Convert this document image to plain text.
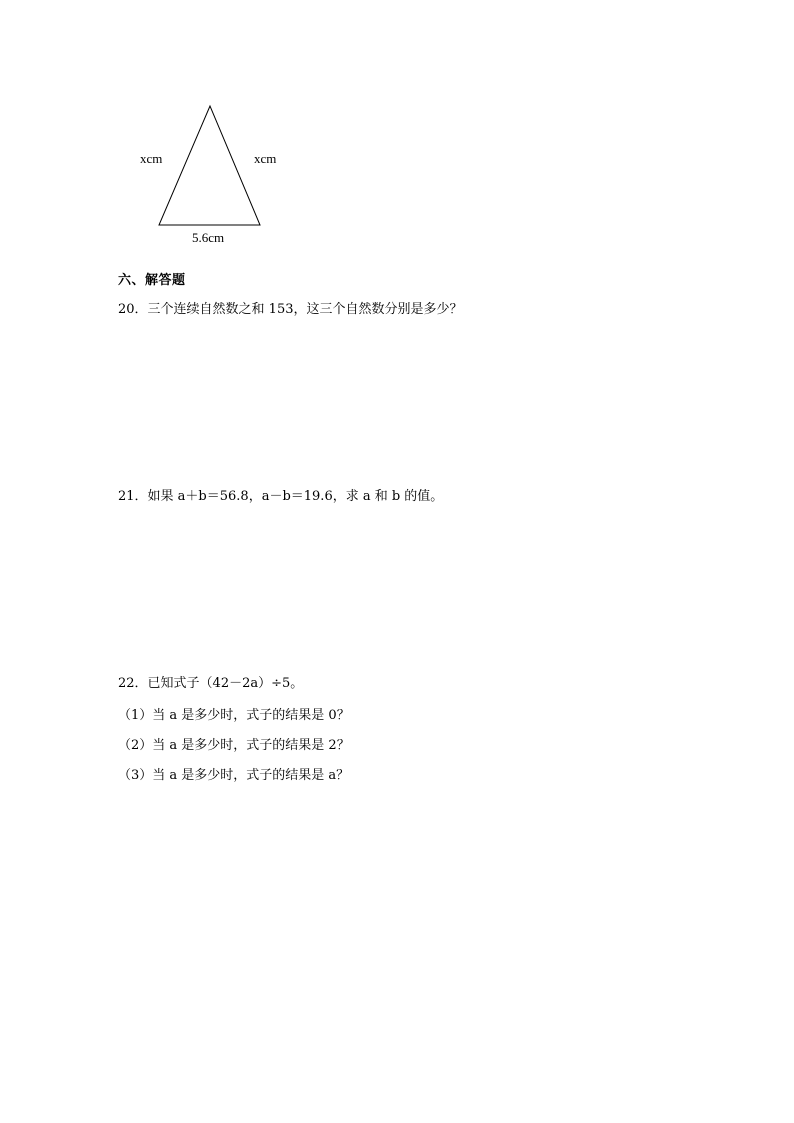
xcm	xcm
5.6cm
六、解答题
20．三个连续自然数之和 153，这三个自然数分别是多少？
21．如果 a＋b＝56.8，a－b＝19.6，求 a 和 b 的值。
22．已知式子（42－2a）÷5。
（1）当 a 是多少时，式子的结果是 0？
（2）当 a 是多少时，式子的结果是 2？
（3）当 a 是多少时，式子的结果是 a？
